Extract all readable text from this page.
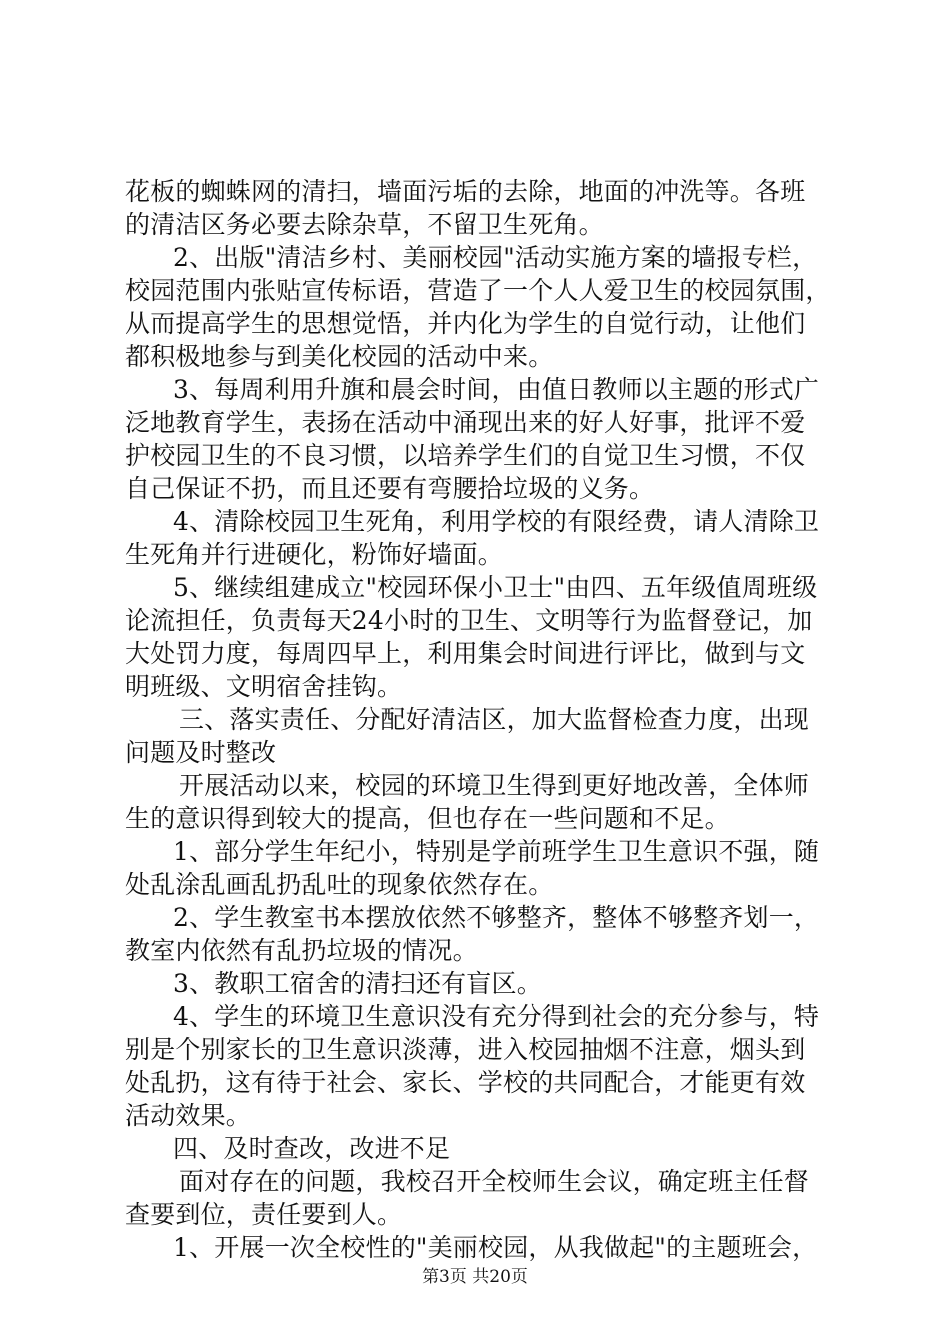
花板的蜘蛛网的清扫，墙面污垢的去除，地面的冲洗等。各班
的清洁区务必要去除杂草，不留卫生死角。
2、出版"清洁乡村、美丽校园"活动实施方案的墙报专栏，
校园范围内张贴宣传标语，营造了一个人人爱卫生的校园氛围，
从而提高学生的思想觉悟，并内化为学生的自觉行动，让他们
都积极地参与到美化校园的活动中来。
3、每周利用升旗和晨会时间，由值日教师以主题的形式广
泛地教育学生，表扬在活动中涌现出来的好人好事，批评不爱
护校园卫生的不良习惯，以培养学生们的自觉卫生习惯，不仅
自己保证不扔，而且还要有弯腰拾垃圾的义务。
4、清除校园卫生死角，利用学校的有限经费，请人清除卫
生死角并行进硬化，粉饰好墙面。
5、继续组建成立"校园环保小卫士"由四、五年级值周班级
论流担任，负责每天24小时的卫生、文明等行为监督登记，加
大处罚力度，每周四早上，利用集会时间进行评比，做到与文
明班级、文明宿舍挂钩。
三、落实责任、分配好清洁区，加大监督检查力度，出现
问题及时整改
开展活动以来，校园的环境卫生得到更好地改善，全体师
生的意识得到较大的提高，但也存在一些问题和不足。
1、部分学生年纪小，特别是学前班学生卫生意识不强，随
处乱涂乱画乱扔乱吐的现象依然存在。
2、学生教室书本摆放依然不够整齐，整体不够整齐划一，
教室内依然有乱扔垃圾的情况。
3、教职工宿舍的清扫还有盲区。
4、学生的环境卫生意识没有充分得到社会的充分参与，特
别是个别家长的卫生意识淡薄，进入校园抽烟不注意，烟头到
处乱扔，这有待于社会、家长、学校的共同配合，才能更有效
活动效果。
四、及时查改，改进不足
面对存在的问题，我校召开全校师生会议，确定班主任督
查要到位，责任要到人。
1、开展一次全校性的"美丽校园，从我做起"的主题班会，
第3页 共20页
